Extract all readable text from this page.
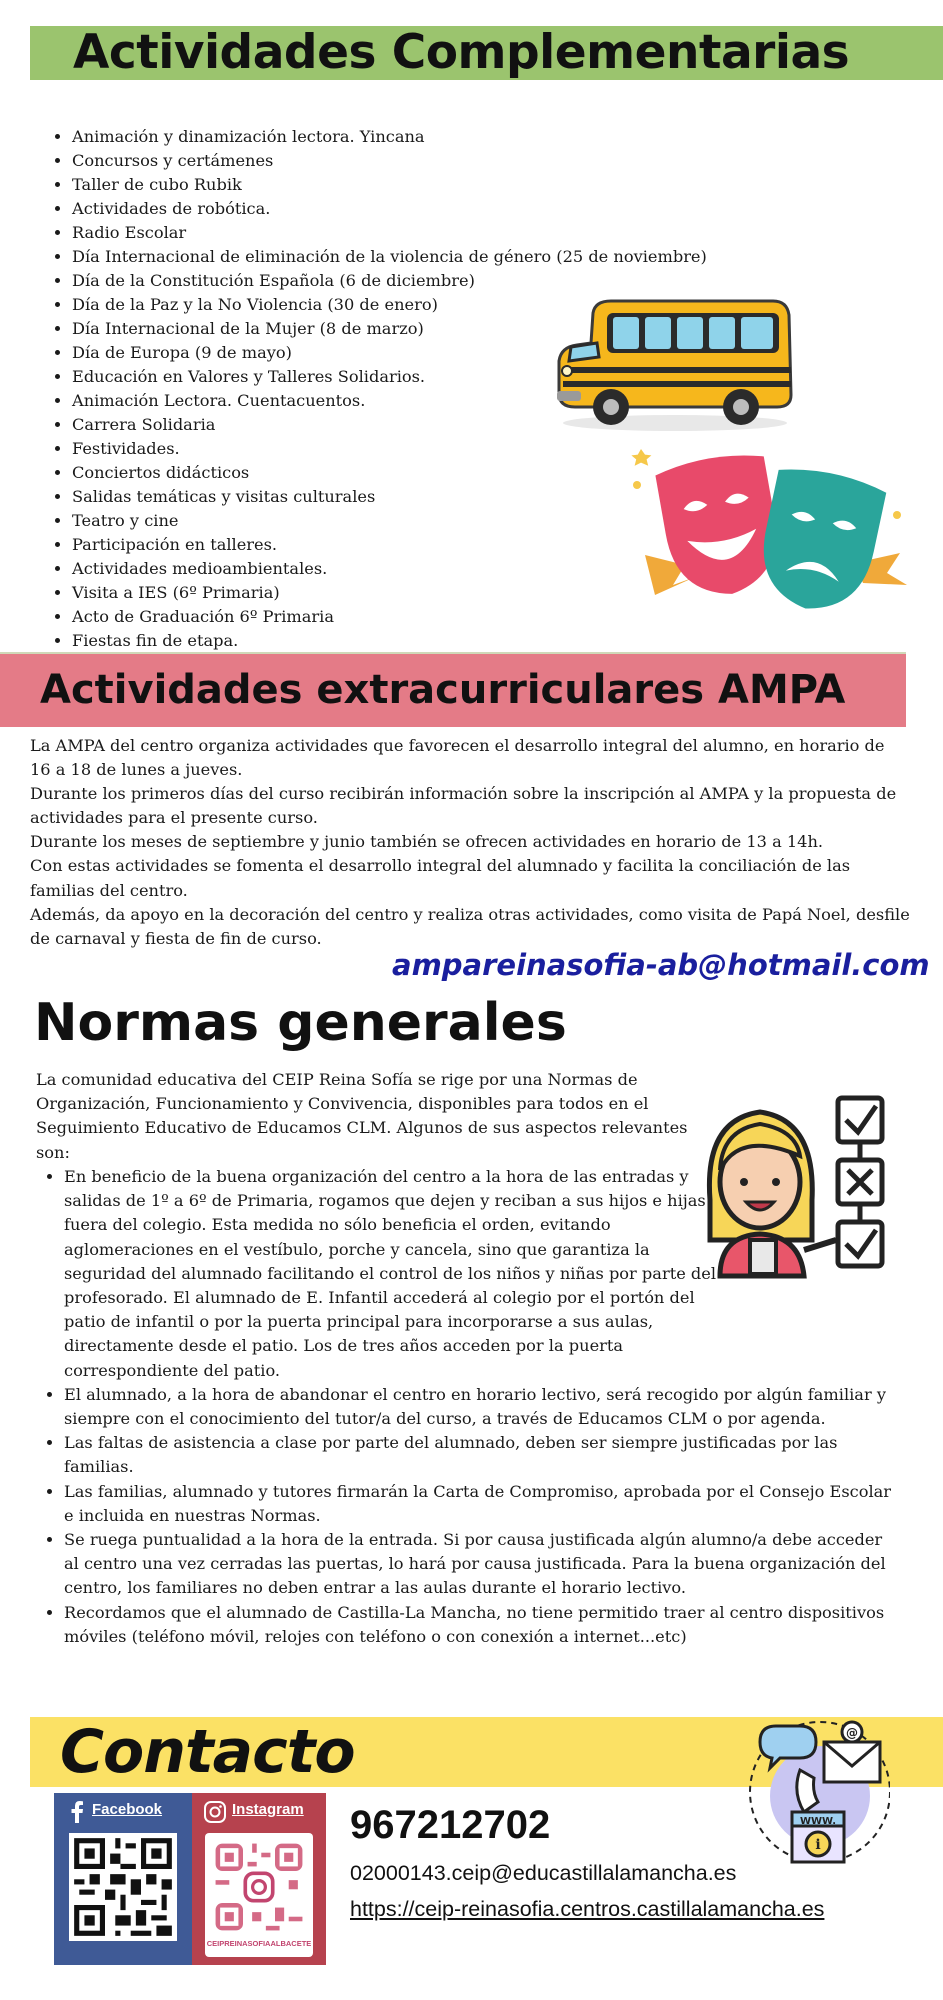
Actividades Complementarias
• Animación y dinamización lectora. Yincana
• Concursos y certámenes
• Taller de cubo Rubik
• Actividades de robótica.
• Radio Escolar
• Día Internacional de eliminación de la violencia de género (25 de noviembre)
• Día de la Constitución Española (6 de diciembre)
• Día de la Paz y la No Violencia (30 de enero)
• Día Internacional de la Mujer (8 de marzo)
• Día de Europa (9 de mayo)
• Educación en Valores y Talleres Solidarios.
• Animación Lectora. Cuentacuentos.
• Carrera Solidaria
• Festividades.
• Conciertos didácticos
• Salidas temáticas y visitas culturales
• Teatro y cine
• Participación en talleres.
• Actividades medioambientales.
• Visita a IES (6º Primaria)
• Acto de Graduación 6º Primaria
• Fiestas fin de etapa.
Actividades extracurriculares AMPA

La AMPA del centro organiza actividades que favorecen el desarrollo integral del alumno, en horario de 16 a 18 de lunes a jueves.

Durante los primeros días del curso recibirán información sobre la inscripción al AMPA y la propuesta de actividades para el presente curso.

Durante los meses de septiembre y junio también se ofrecen actividades en horario de 13 a 14h.

Con estas actividades se fomenta el desarrollo integral del alumnado y facilita la conciliación de las familias del centro.

Además, da apoyo en la decoración del centro y realiza otras actividades, como visita de Papá Noel, desfile de carnaval y fiesta de fin de curso.

ampareinasofia-ab@hotmail.com
Normas generales

La comunidad educativa del CEIP Reina Sofía se rige por una Normas de Organización, Funcionamiento y Convivencia, disponibles para todos en el Seguimiento Educativo de Educamos CLM. Algunos de sus aspectos relevantes son:

• En beneficio de la buena organización del centro a la hora de las entradas y salidas de 1º a 6º de Primaria, rogamos que dejen y reciban a sus hijos e hijas fuera del colegio. Esta medida no sólo beneficia el orden, evitando aglomeraciones en el vestíbulo, porche y cancela, sino que garantiza la seguridad del alumnado facilitando el control de los niños y niñas por parte del profesorado. El alumnado de E. Infantil accederá al colegio por el portón del patio de infantil o por la puerta principal para incorporarse a sus aulas, directamente desde el patio. Los de tres años acceden por la puerta correspondiente del patio.
• El alumnado, a la hora de abandonar el centro en horario lectivo, será recogido por algún familiar y siempre con el conocimiento del tutor/a del curso, a través de Educamos CLM o por agenda.
• Las faltas de asistencia a clase por parte del alumnado, deben ser siempre justificadas por las familias.
• Las familias, alumnado y tutores firmarán la Carta de Compromiso, aprobada por el Consejo Escolar e incluida en nuestras Normas.
• Se ruega puntualidad a la hora de la entrada. Si por causa justificada algún alumno/a debe acceder al centro una vez cerradas las puertas, lo hará por causa justificada. Para la buena organización del centro, los familiares no deben entrar a las aulas durante el horario lectivo.
• Recordamos que el alumnado de Castilla-La Mancha, no tiene permitido traer al centro dispositivos móviles (teléfono móvil, relojes con teléfono o con conexión a internet...etc)
Contacto	@
WWW.
i
Facebook	Instagram
CEIPREINASOFIAALBACETE
967212702
02000143.ceip@educastillalamancha.es
https://ceip-reinasofia.centros.castillalamancha.es
